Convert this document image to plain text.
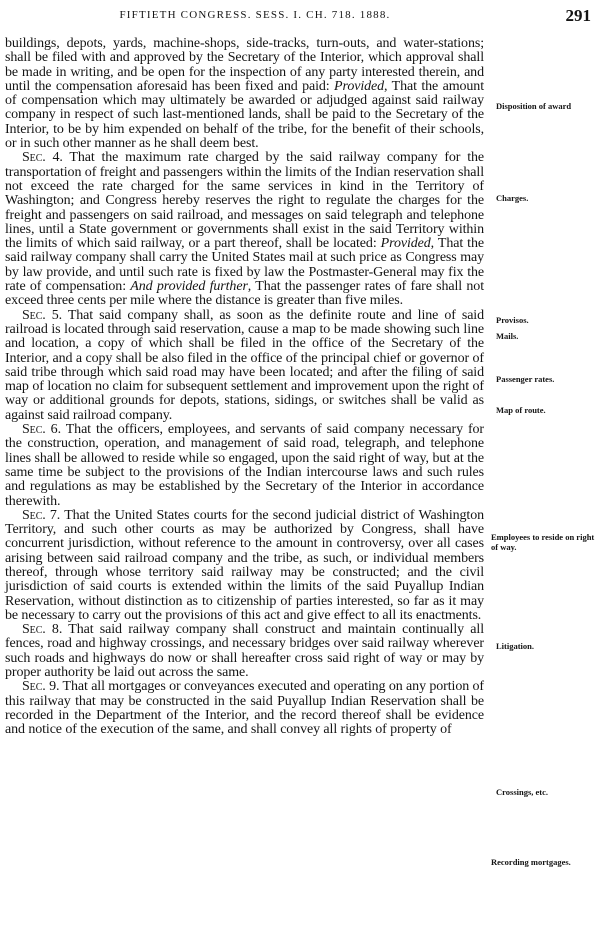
FIFTIETH CONGRESS. SESS. I. CH. 718. 1888.	291

buildings, depots, yards, machine-shops, side-tracks, turn-outs, and water-stations; shall be filed with and approved by the Secretary of the Interior, which approval shall be made in writing, and be open for the inspection of any party interested therein, and until the compensation aforesaid has been fixed and paid: Provided, That the amount of compensation which may ultimately be awarded or adjudged against said railway company in respect of such last-mentioned lands, shall be paid to the Secretary of the Interior, to be by him expended on behalf of the tribe, for the benefit of their schools, or in such other manner as he shall deem best.

Sec. 4. That the maximum rate charged by the said railway company for the transportation of freight and passengers within the limits of the Indian reservation shall not exceed the rate charged for the same services in kind in the Territory of Washington; and Congress hereby reserves the right to regulate the charges for the freight and passengers on said railroad, and messages on said telegraph and telephone lines, until a State government or governments shall exist in the said Territory within the limits of which said railway, or a part thereof, shall be located: Provided, That the said railway company shall carry the United States mail at such price as Congress may by law provide, and until such rate is fixed by law the Postmaster-General may fix the rate of compensation: And provided further, That the passenger rates of fare shall not exceed three cents per mile where the distance is greater than five miles.

Sec. 5. That said company shall, as soon as the definite route and line of said railroad is located through said reservation, cause a map to be made showing such line and location, a copy of which shall be filed in the office of the Secretary of the Interior, and a copy shall be also filed in the office of the principal chief or governor of said tribe through which said road may have been located; and after the filing of said map of location no claim for subsequent settlement and improvement upon the right of way or additional grounds for depots, stations, sidings, or switches shall be valid as against said railroad company.

Sec. 6. That the officers, employees, and servants of said company necessary for the construction, operation, and management of said road, telegraph, and telephone lines shall be allowed to reside while so engaged, upon the said right of way, but at the same time be subject to the provisions of the Indian intercourse laws and such rules and regulations as may be established by the Secretary of the Interior in accordance therewith.

Sec. 7. That the United States courts for the second judicial district of Washington Territory, and such other courts as may be authorized by Congress, shall have concurrent jurisdiction, without reference to the amount in controversy, over all cases arising between said railroad company and the tribe, as such, or individual members thereof, through whose territory said railway may be constructed; and the civil jurisdiction of said courts is extended within the limits of the said Puyallup Indian Reservation, without distinction as to citizenship of parties interested, so far as it may be necessary to carry out the provisions of this act and give effect to all its enactments.

Sec. 8. That said railway company shall construct and maintain continually all fences, road and highway crossings, and necessary bridges over said railway wherever such roads and highways do now or shall hereafter cross said right of way or may by proper authority be laid out across the same.

Sec. 9. That all mortgages or conveyances executed and operating on any portion of this railway that may be constructed in the said Puyallup Indian Reservation shall be recorded in the Department of the Interior, and the record thereof shall be evidence and notice of the execution of the same, and shall convey all rights of property of

Disposition of award
Charges.
Provisos.
Mails.
Passenger rates.
Map of route.
Employees to reside on right of way.
Litigation.
Crossings, etc.
Recording mortgages.
